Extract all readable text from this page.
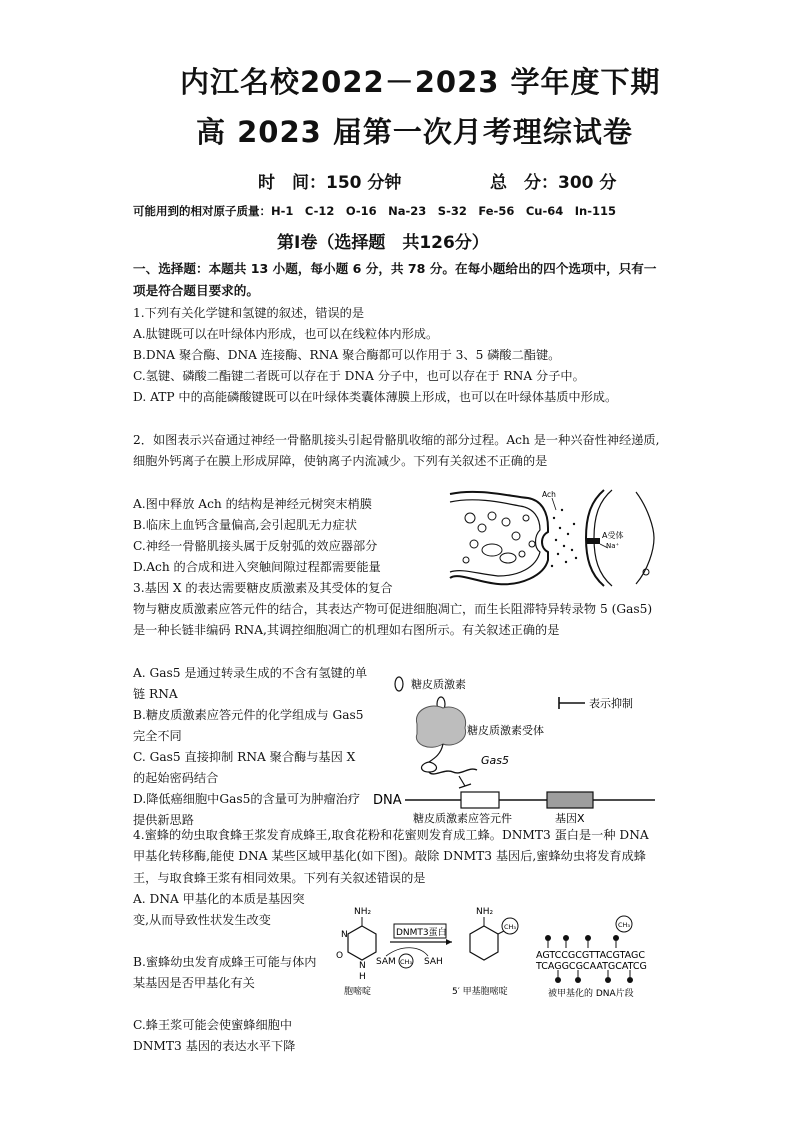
内江名校2022－2023 学年度下期
高 2023 届第一次月考理综试卷
时　间：150 分钟	总　分：300 分
可能用到的相对原子质量：H-1　C-12　O-16　Na-23　S-32　Fe-56　Cu-64　In-115
第Ⅰ卷（选择题　共126分）
一、选择题：本题共 13 小题，每小题 6 分，共 78 分。在每小题给出的四个选项中，只有一项是符合题目要求的。
1.下列有关化学键和氢键的叙述，错误的是
A.肽键既可以在叶绿体内形成，也可以在线粒体内形成。
B.DNA 聚合酶、DNA 连接酶、RNA 聚合酶都可以作用于 3、5 磷酸二酯键。
C.氢键、磷酸二酯键二者既可以存在于 DNA 分子中，也可以存在于 RNA 分子中。
D. ATP 中的高能磷酸键既可以在叶绿体类囊体薄膜上形成，也可以在叶绿体基质中形成。
2．如图表示兴奋通过神经一骨骼肌接头引起骨骼肌收缩的部分过程。Ach 是一种兴奋性神经递质,细胞外钙离子在膜上形成屏障，使钠离子内流减少。下列有关叙述不正确的是
A.图中释放 Ach 的结构是神经元树突末梢膜
B.临床上血钙含量偏高,会引起肌无力症状
C.神经一骨骼肌接头属于反射弧的效应器部分
D.Ach 的合成和进入突触间隙过程都需要能量
Ach
A受体
Na⁺
3.基因 X 的表达需要糖皮质激素及其受体的复合
物与糖皮质激素应答元件的结合，其表达产物可促进细胞凋亡，而生长阻滞特异转录物 5 (Gas5) 是一种长链非编码 RNA,其调控细胞凋亡的机理如右图所示。有关叙述正确的是
A. Gas5 是通过转录生成的不含有氢键的单链 RNA
B.糖皮质激素应答元件的化学组成与 Gas5 完全不同
C. Gas5 直接抑制 RNA 聚合酶与基因 X 的起始密码结合
D.降低癌细胞中Gas5的含量可为肿瘤治疗提供新思路
糖皮质激素
表示抑制
糖皮质激素受体
Gas5
DNA
糖皮质激素应答元件	基因X
4.蜜蜂的幼虫取食蜂王浆发育成蜂王,取食花粉和花蜜则发育成工蜂。DNMT3 蛋白是一种 DNA 甲基化转移酶,能使 DNA 某些区域甲基化(如下图)。敲除 DNMT3 基因后,蜜蜂幼虫将发育成蜂王，与取食蜂王浆有相同效果。下列有关叙述错误的是
A. DNA 甲基化的本质是基因突变,从而导致性状发生改变
B.蜜蜂幼虫发育成蜂王可能与体内某基因是否甲基化有关
C.蜂王浆可能会使蜜蜂细胞中 DNMT3 基因的表达水平下降
NH₂
N
O
N
H
胞嘧啶
DNMT3蛋白
SAM CH₃ SAH
NH₂
CH₃
5′ 甲基胞嘧啶
CH₃
AGTCCGCGTTACGTAGC
TCAGGCGCAATGCATCG
被甲基化的 DNA片段
